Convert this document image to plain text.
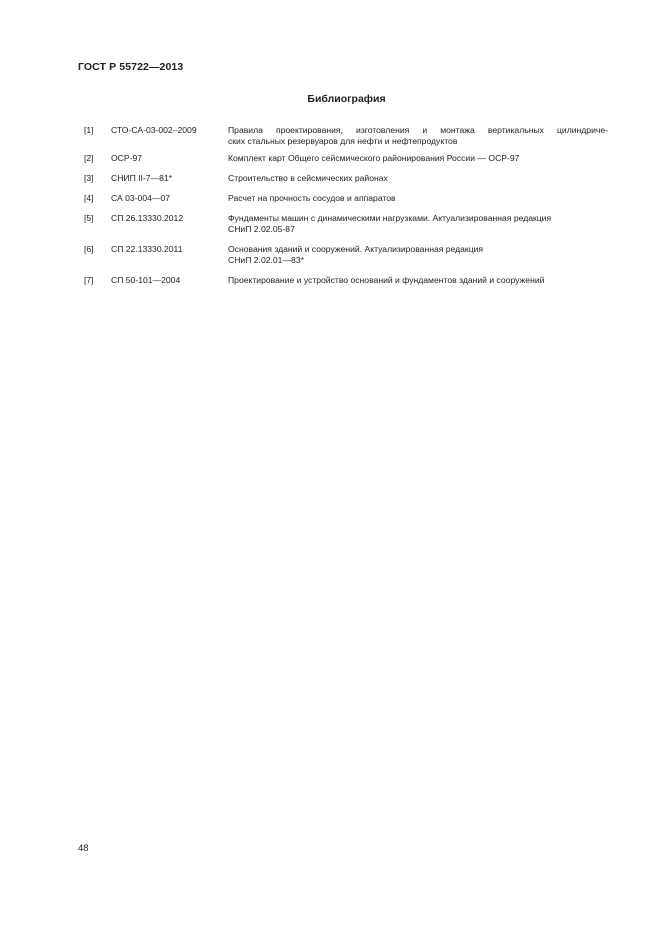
ГОСТ Р 55722—2013
Библиография
[1]	СТО-СА-03-002–2009	Правила проектирования, изготовления и монтажа вертикальных цилиндриче-
ских стальных резервуаров для нефти и нефтепродуктов
[2]	ОСР-97	Комплект карт Общего сейсмического районирования России — ОСР-97
[3]	СНИП II-7—81*	Строительство в сейсмических районах
[4]	СА 03-004—07	Расчет на прочность сосудов и аппаратов
[5]	СП 26.13330.2012	Фундаменты машин с динамическими нагрузками. Актуализированная редакция
СНиП 2.02.05-87
[6]	СП 22.13330.2011	Основания зданий и сооружений. Актуализированная редакция
СНиП 2.02.01—83*
[7]	СП 50-101—2004	Проектирование и устройство оснований и фундаментов зданий и сооружений
48
